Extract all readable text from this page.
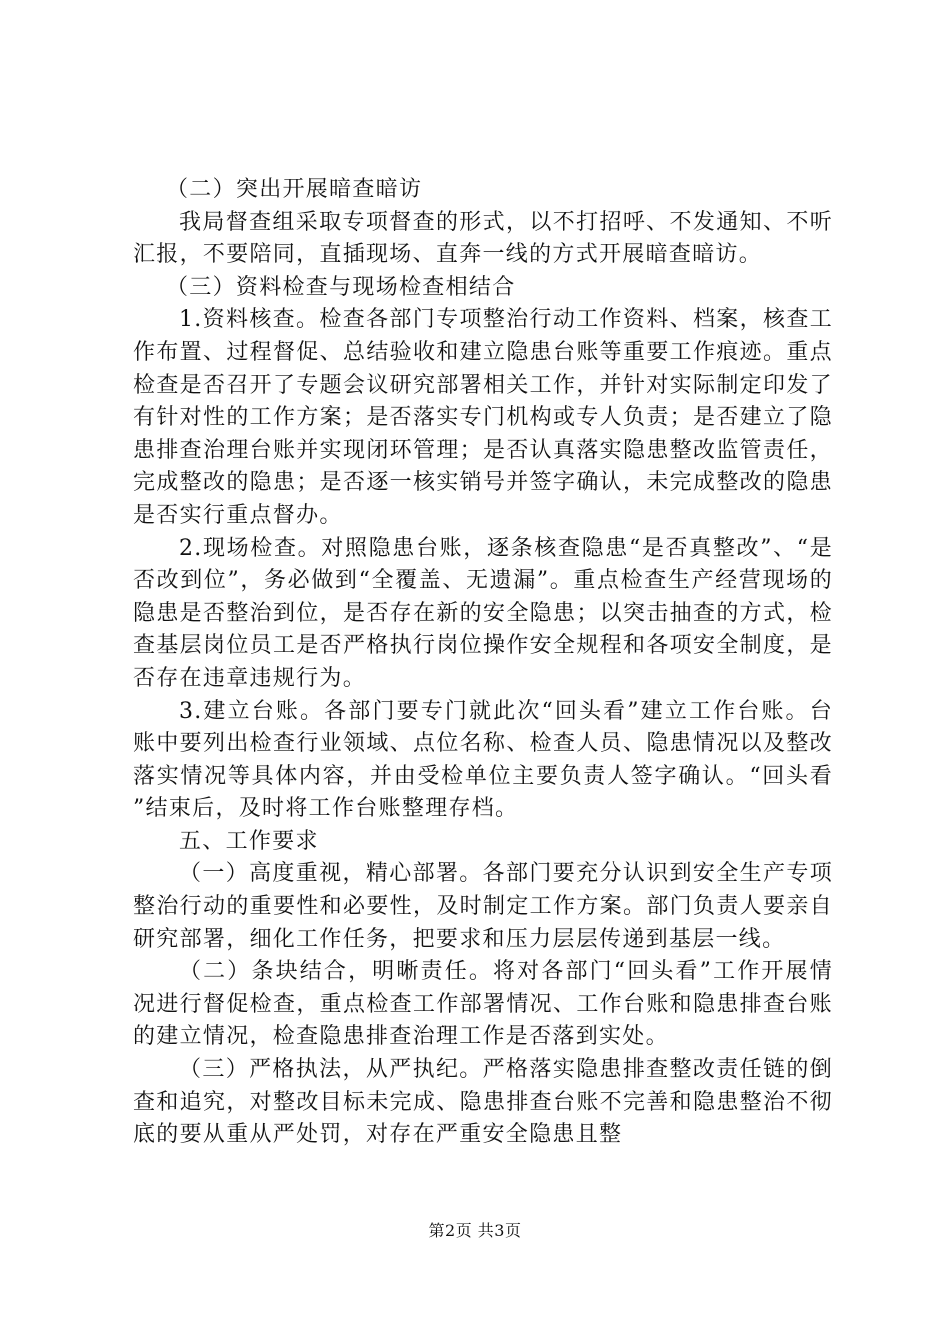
（二）突出开展暗查暗访

我局督查组采取专项督查的形式，以不打招呼、不发通知、不听汇报，不要陪同，直插现场、直奔一线的方式开展暗查暗访。

（三）资料检查与现场检查相结合

1.资料核查。检查各部门专项整治行动工作资料、档案，核查工作布置、过程督促、总结验收和建立隐患台账等重要工作痕迹。重点检查是否召开了专题会议研究部署相关工作，并针对实际制定印发了有针对性的工作方案；是否落实专门机构或专人负责；是否建立了隐患排查治理台账并实现闭环管理；是否认真落实隐患整改监管责任，完成整改的隐患；是否逐一核实销号并签字确认，未完成整改的隐患是否实行重点督办。

2.现场检查。对照隐患台账，逐条核查隐患“是否真整改”、“是否改到位”，务必做到“全覆盖、无遗漏”。重点检查生产经营现场的隐患是否整治到位，是否存在新的安全隐患；以突击抽查的方式，检查基层岗位员工是否严格执行岗位操作安全规程和各项安全制度，是否存在违章违规行为。

3.建立台账。各部门要专门就此次“回头看”建立工作台账。台账中要列出检查行业领域、点位名称、检查人员、隐患情况以及整改落实情况等具体内容，并由受检单位主要负责人签字确认。“回头看”结束后，及时将工作台账整理存档。

五、工作要求

（一）高度重视，精心部署。各部门要充分认识到安全生产专项整治行动的重要性和必要性，及时制定工作方案。部门负责人要亲自研究部署，细化工作任务，把要求和压力层层传递到基层一线。

（二）条块结合，明晰责任。将对各部门“回头看”工作开展情况进行督促检查，重点检查工作部署情况、工作台账和隐患排查台账的建立情况，检查隐患排查治理工作是否落到实处。

（三）严格执法，从严执纪。严格落实隐患排查整改责任链的倒查和追究，对整改目标未完成、隐患排查台账不完善和隐患整治不彻底的要从重从严处罚，对存在严重安全隐患且整

第2页 共3页
